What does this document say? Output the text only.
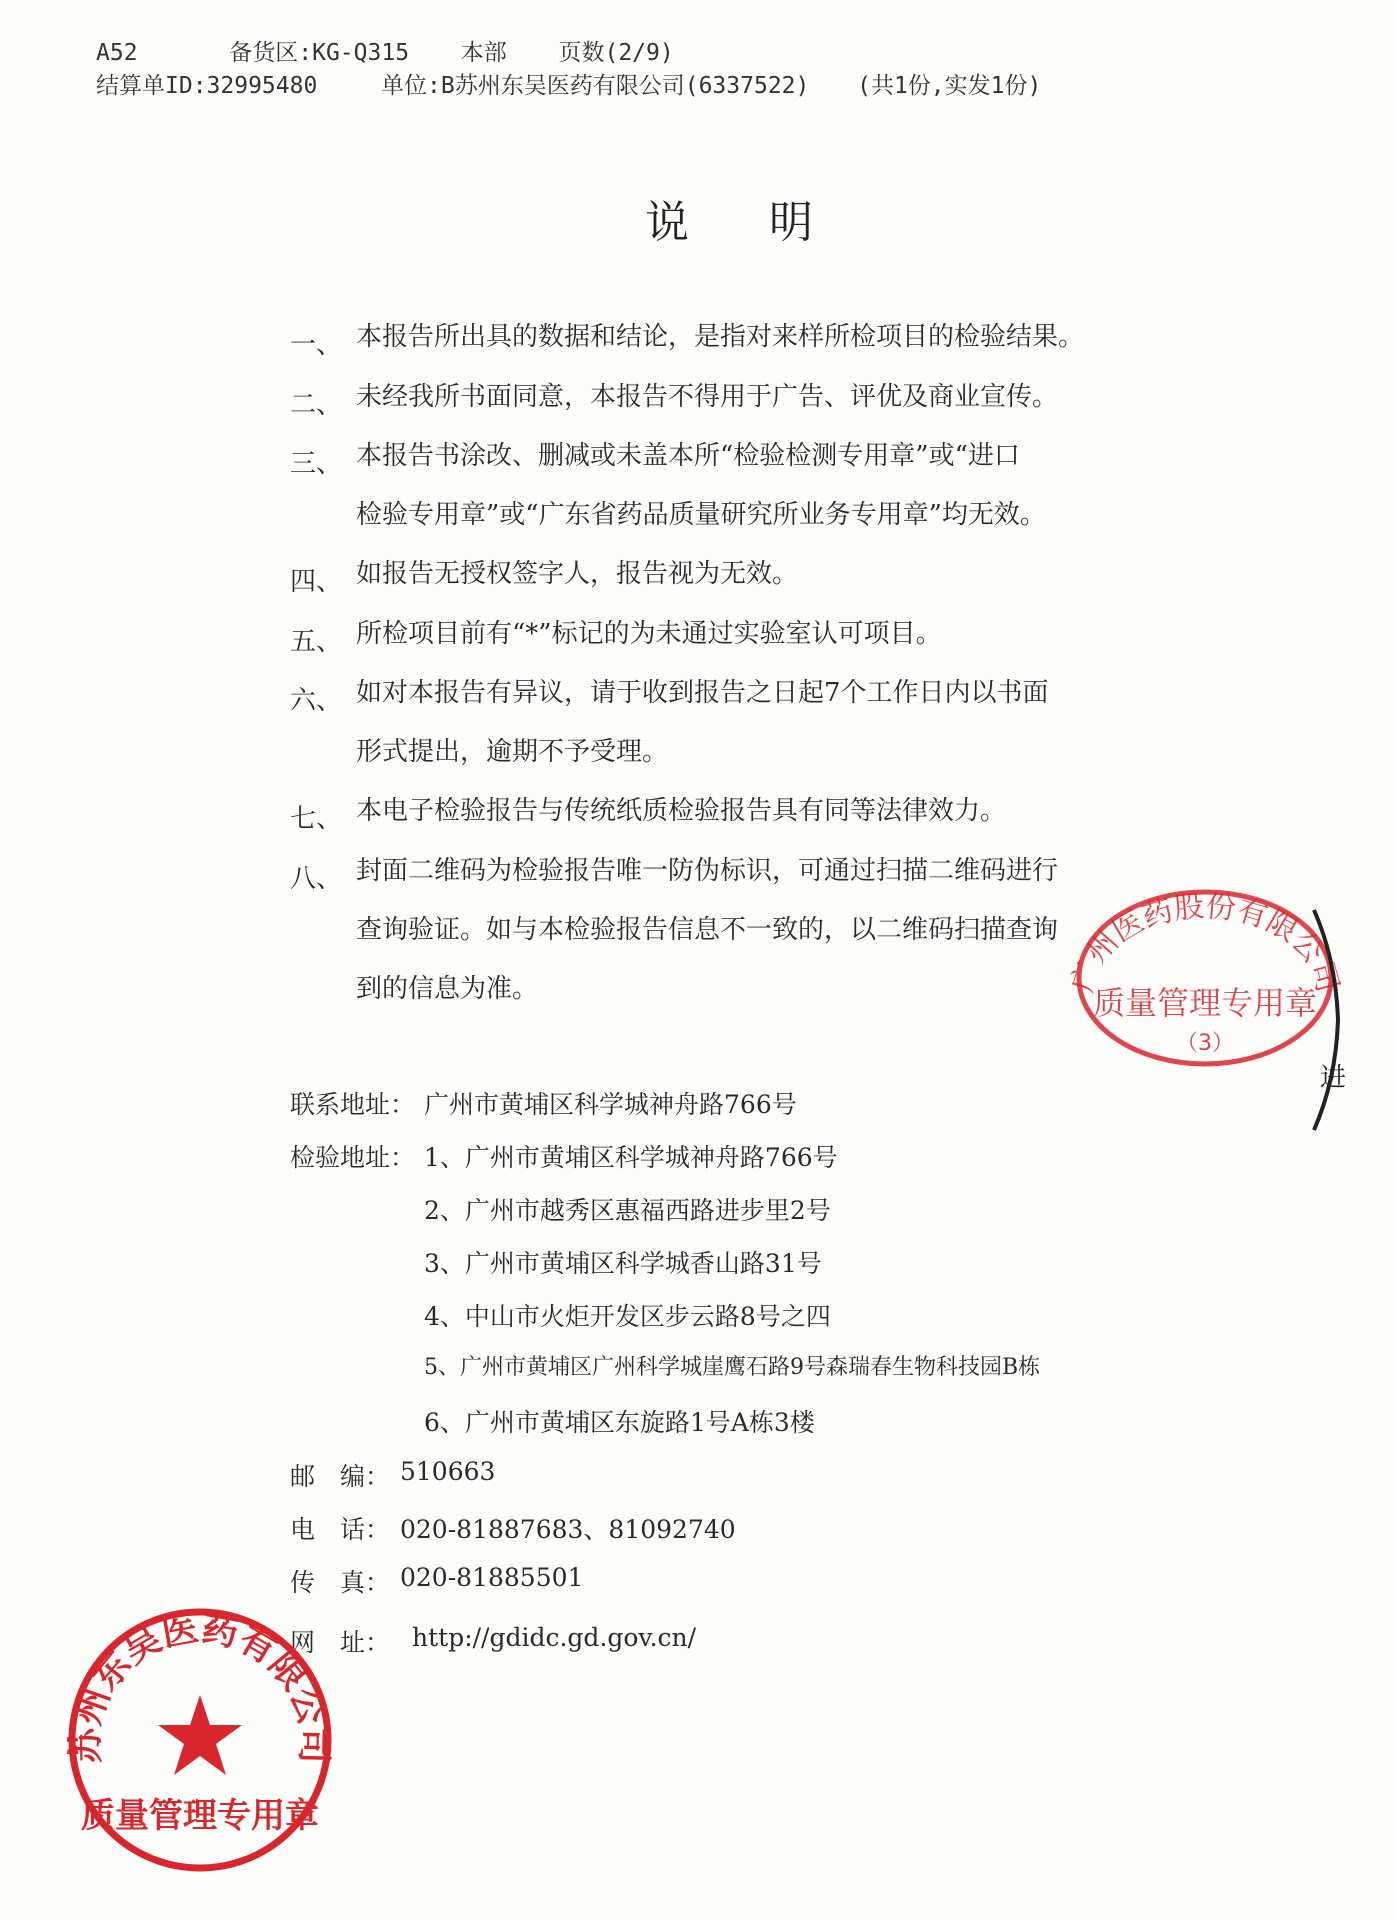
A52	备货区:KG-Q315 本部 页数(2/9)
结算单ID:32995480	单位:B苏州东吴医药有限公司(6337522) (共1份,实发1份)
说 明
一、 本报告所出具的数据和结论，是指对来样所检项目的检验结果。
二、 未经我所书面同意，本报告不得用于广告、评优及商业宣传。
三、 本报告书涂改、删减或未盖本所“检验检测专用章”或“进口
检验专用章”或“广东省药品质量研究所业务专用章”均无效。
四、 如报告无授权签字人，报告视为无效。
五、 所检项目前有“*”标记的为未通过实验室认可项目。
六、 如对本报告有异议，请于收到报告之日起7个工作日内以书面
形式提出，逾期不予受理。
七、 本电子检验报告与传统纸质检验报告具有同等法律效力。
八、 封面二维码为检验报告唯一防伪标识，可通过扫描二维码进行
查询验证。如与本检验报告信息不一致的，以二维码扫描查询
到的信息为准。
联系地址： 广州市黄埔区科学城神舟路766号
检验地址： 1、广州市黄埔区科学城神舟路766号
2、广州市越秀区惠福西路进步里2号
3、广州市黄埔区科学城香山路31号
4、中山市火炬开发区步云路8号之四
5、广州市黄埔区广州科学城崖鹰石路9号森瑞春生物科技园B栋
6、广州市黄埔区东旋路1号A栋3楼
邮　编： 510663
电　话： 020-81887683、81092740
传　真： 020-81885501
网　址： http://gdidc.gd.gov.cn/
广州医药股份有限公司
质量管理专用章
（3）
进
苏州东吴医药有限公司
质量管理专用章
